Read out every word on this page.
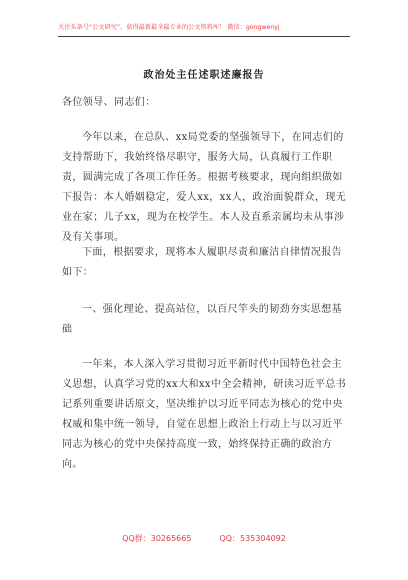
关注头条号“公文研究”，获得最新最全最专业的公文资料库！ 微信：gongwenyj
政治处主任述职述廉报告
各位领导、同志们：
今年以来，在总队、xx局党委的坚强领导下，在同志们的支持帮助下，我始终恪尽职守，服务大局，认真履行工作职责，圆满完成了各项工作任务。根据考核要求，现向组织做如下报告：本人婚姻稳定，爱人xx，xx人，政治面貌群众，现无业在家；儿子xx，现为在校学生。本人及直系亲属均未从事涉及有关事项。
下面，根据要求，现将本人履职尽责和廉洁自律情况报告如下：
一、强化理论、提高站位，以百尺竿头的韧劲夯实思想基础
一年来，本人深入学习贯彻习近平新时代中国特色社会主义思想，认真学习党的xx大和xx中全会精神，研读习近平总书记系列重要讲话原文，坚决维护以习近平同志为核心的党中央权威和集中统一领导，自觉在思想上政治上行动上与以习近平同志为核心的党中央保持高度一致，始终保持正确的政治方向。
QQ群：30265665	QQ：535304092
